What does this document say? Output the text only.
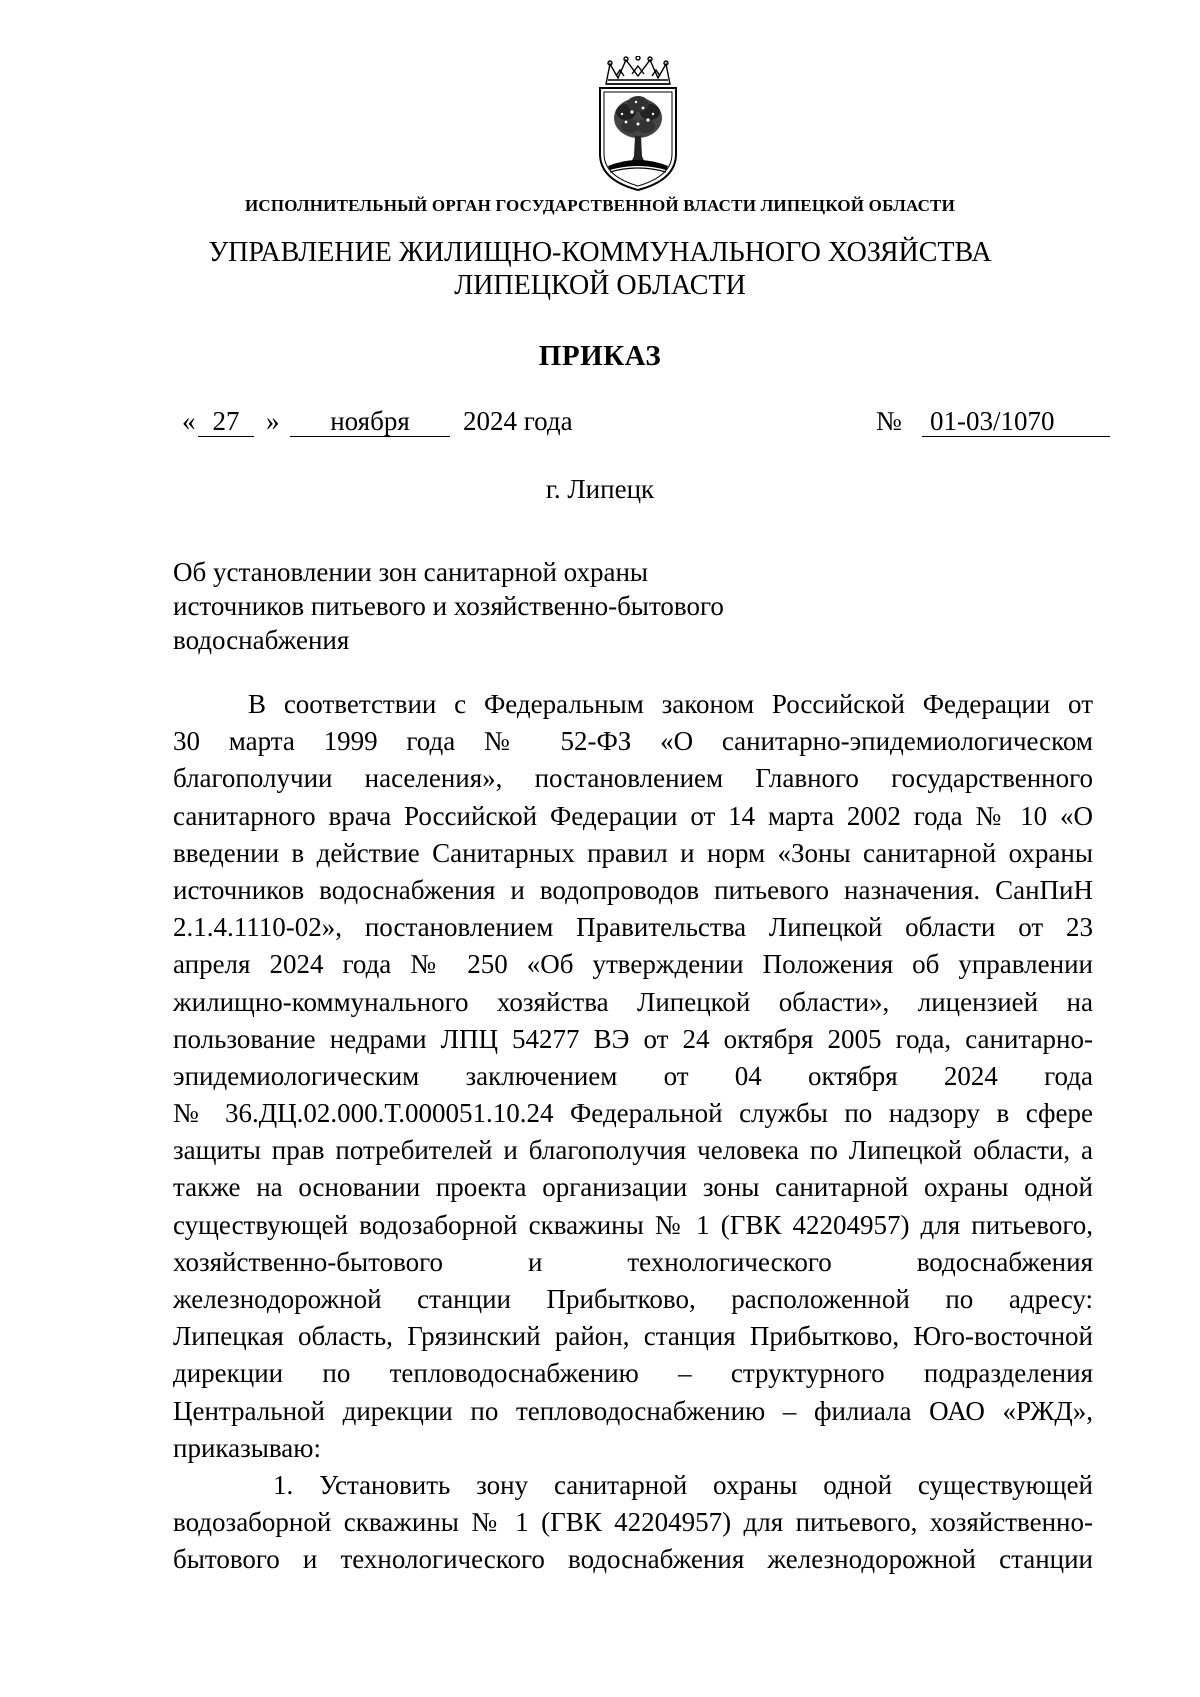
ИСПОЛНИТЕЛЬНЫЙ ОРГАН ГОСУДАРСТВЕННОЙ ВЛАСТИ ЛИПЕЦКОЙ ОБЛАСТИ
УПРАВЛЕНИЕ ЖИЛИЩНО-КОММУНАЛЬНОГО ХОЗЯЙСТВА
ЛИПЕЦКОЙ ОБЛАСТИ
ПРИКАЗ
« 27 »	ноября	2024 года	№ 01-03/1070
г. Липецк
Об установлении зон санитарной охраны
источников питьевого и хозяйственно-бытового
водоснабжения
В соответствии с Федеральным законом Российской Федерации от
30 марта 1999 года № 52-ФЗ «О санитарно-эпидемиологическом
благополучии населения», постановлением Главного государственного
санитарного врача Российской Федерации от 14 марта 2002 года № 10 «О
введении в действие Санитарных правил и норм «Зоны санитарной охраны
источников водоснабжения и водопроводов питьевого назначения. СанПиН
2.1.4.1110-02», постановлением Правительства Липецкой области от 23
апреля 2024 года № 250 «Об утверждении Положения об управлении
жилищно-коммунального хозяйства Липецкой области», лицензией на
пользование недрами ЛПЦ 54277 ВЭ от 24 октября 2005 года, санитарно-
эпидемиологическим заключением от 04 октября 2024 года
№ 36.ДЦ.02.000.Т.000051.10.24 Федеральной службы по надзору в сфере
защиты прав потребителей и благополучия человека по Липецкой области, а
также на основании проекта организации зоны санитарной охраны одной
существующей водозаборной скважины № 1 (ГВК 42204957) для питьевого,
хозяйственно-бытового и технологического водоснабжения
железнодорожной станции Прибытково, расположенной по адресу:
Липецкая область, Грязинский район, станция Прибытково, Юго-восточной
дирекции по тепловодоснабжению – структурного подразделения
Центральной дирекции по тепловодоснабжению – филиала ОАО «РЖД»,
приказываю:
1. Установить зону санитарной охраны одной существующей
водозаборной скважины № 1 (ГВК 42204957) для питьевого, хозяйственно-
бытового и технологического водоснабжения железнодорожной станции
